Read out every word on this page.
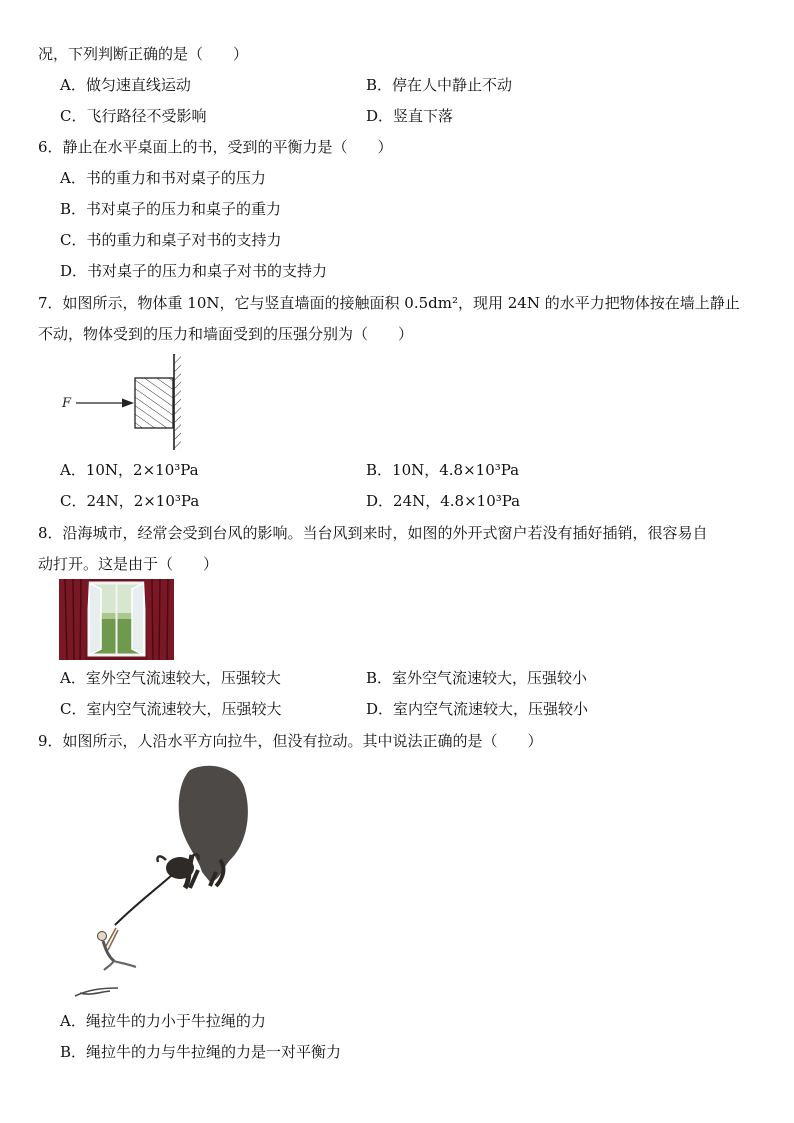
况，下列判断正确的是（　　）
A．做匀速直线运动	B．停在人中静止不动
C．飞行路径不受影响	D．竖直下落
6．静止在水平桌面上的书，受到的平衡力是（　　）
A．书的重力和书对桌子的压力
B．书对桌子的压力和桌子的重力
C．书的重力和桌子对书的支持力
D．书对桌子的压力和桌子对书的支持力
7．如图所示，物体重 10N，它与竖直墙面的接触面积 0.5dm²，现用 24N 的水平力把物体按在墙上静止
不动，物体受到的压力和墙面受到的压强分别为（　　）
F
A．10N，2×10³Pa	B．10N，4.8×10³Pa
C．24N，2×10³Pa	D．24N，4.8×10³Pa
8．沿海城市，经常会受到台风的影响。当台风到来时，如图的外开式窗户若没有插好插销，很容易自
动打开。这是由于（　　）
A．室外空气流速较大，压强较大	B．室外空气流速较大，压强较小
C．室内空气流速较大，压强较大	D．室内空气流速较大，压强较小
9．如图所示，人沿水平方向拉牛，但没有拉动。其中说法正确的是（　　）
A．绳拉牛的力小于牛拉绳的力
B．绳拉牛的力与牛拉绳的力是一对平衡力
